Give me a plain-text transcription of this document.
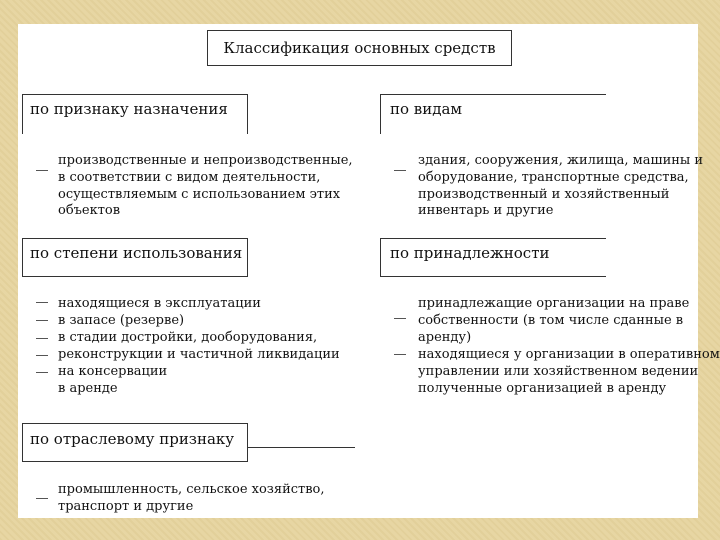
Классификация основных средств
по признаку назначения
производственные и непроизводственные,
в соответствии с видом деятельности,
осуществляемым с использованием этих
объектов
по видам
здания, сооружения, жилища, машины и
оборудование, транспортные средства,
производственный и хозяйственный
инвентарь и другие
по степени использования
находящиеся в эксплуатации
в запасе (резерве)
в стадии достройки, дооборудования,
реконструкции и частичной ликвидации
на консервации
в аренде
по принадлежности
принадлежащие организации на праве
собственности (в том числе сданные в
аренду)
находящиеся у организации в оперативном
управлении или хозяйственном ведении
полученные организацией в аренду
по отраслевому признаку
промышленность, сельское хозяйство,
транспорт и другие
